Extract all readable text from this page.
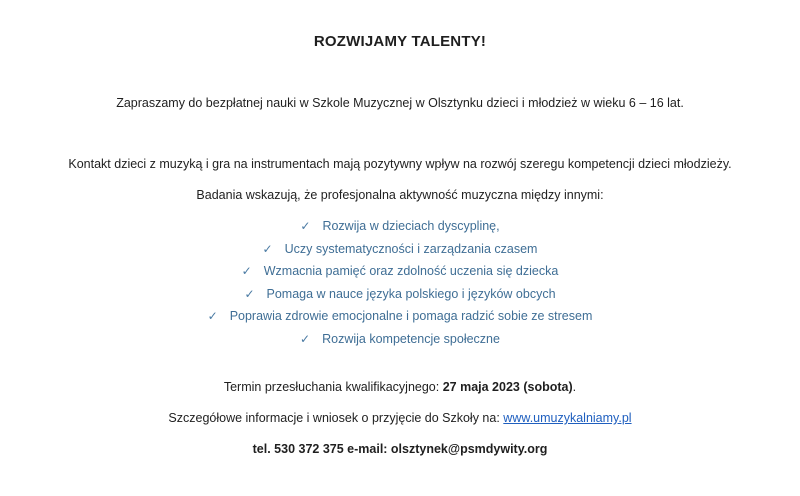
ROZWIJAMY TALENTY!
Zapraszamy do bezpłatnej nauki w Szkole Muzycznej w Olsztynku dzieci i młodzież w wieku 6 – 16 lat.
Kontakt dzieci z muzyką i gra na instrumentach mają pozytywny wpływ na rozwój szeregu kompetencji dzieci młodzieży.
Badania wskazują, że profesjonalna aktywność muzyczna między innymi:
✓ Rozwija w dzieciach dyscyplinę,
✓ Uczy systematyczności i zarządzania czasem
✓ Wzmacnia pamięć oraz zdolność uczenia się dziecka
✓ Pomaga w nauce języka polskiego i języków obcych
✓ Poprawia zdrowie emocjonalne i pomaga radzić sobie ze stresem
✓ Rozwija kompetencje społeczne
Termin przesłuchania kwalifikacyjnego: 27 maja 2023 (sobota).
Szczegółowe informacje i wniosek o przyjęcie do Szkoły na: www.umuzykalniamy.pl
tel. 530 372 375 e-mail: olsztynek@psmdywity.org
